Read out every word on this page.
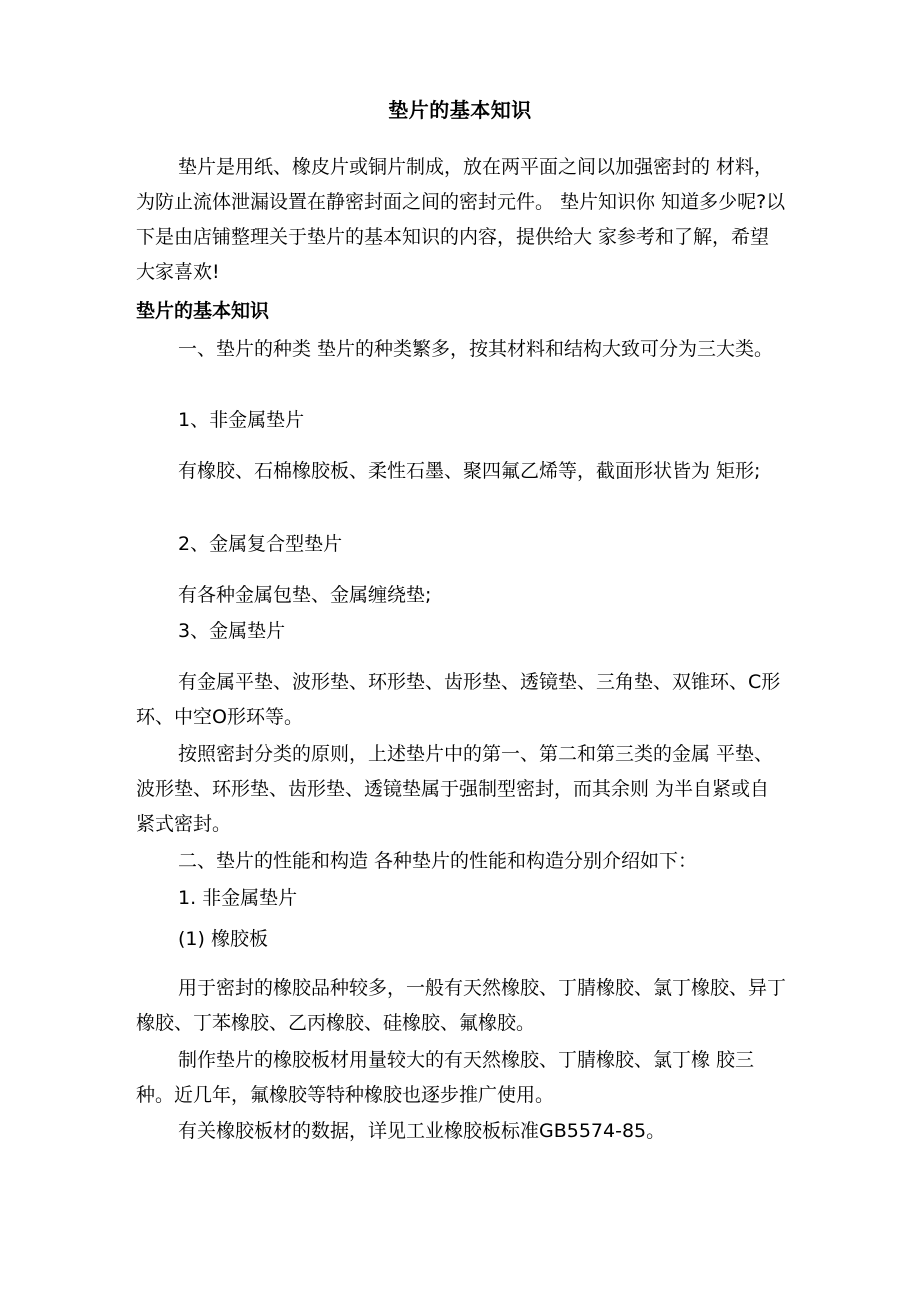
垫片的基本知识

垫片是用纸、橡皮片或铜片制成，放在两平面之间以加强密封的 材料，为防止流体泄漏设置在静密封面之间的密封元件。 垫片知识你 知道多少呢?以下是由店铺整理关于垫片的基本知识的内容，提供给大 家参考和了解，希望大家喜欢!

垫片的基本知识

一、垫片的种类 垫片的种类繁多，按其材料和结构大致可分为三大类。

1、非金属垫片

有橡胶、石棉橡胶板、柔性石墨、聚四氟乙烯等，截面形状皆为 矩形;

2、金属复合型垫片

有各种金属包垫、金属缠绕垫;

3、金属垫片

有金属平垫、波形垫、环形垫、齿形垫、透镜垫、三角垫、双锥环、C形环、中空O形环等。

按照密封分类的原则，上述垫片中的第一、第二和第三类的金属 平垫、波形垫、环形垫、齿形垫、透镜垫属于强制型密封，而其余则 为半自紧或自紧式密封。

二、垫片的性能和构造 各种垫片的性能和构造分别介绍如下：

1. 非金属垫片

(1) 橡胶板

用于密封的橡胶品种较多，一般有天然橡胶、丁腈橡胶、氯丁橡胶、异丁橡胶、丁苯橡胶、乙丙橡胶、硅橡胶、氟橡胶。

制作垫片的橡胶板材用量较大的有天然橡胶、丁腈橡胶、氯丁橡 胶三种。近几年，氟橡胶等特种橡胶也逐步推广使用。

有关橡胶板材的数据，详见工业橡胶板标准GB5574-85。
